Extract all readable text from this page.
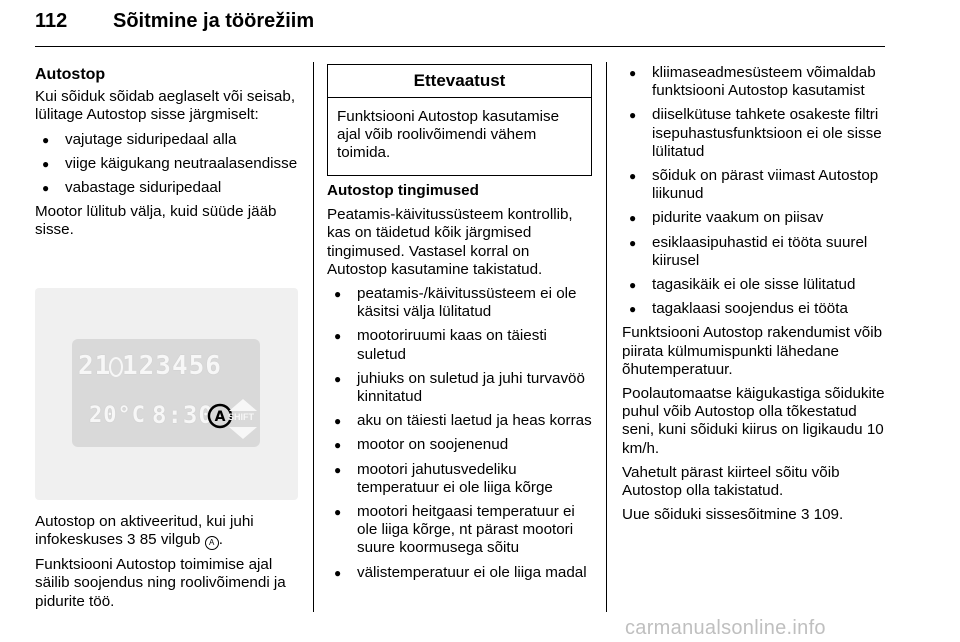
112 Sõitmine ja töörežiim
Autostop

Kui sõiduk sõidab aeglaselt või seisab, lülitage Autostop sisse järgmiselt:

● vajutage siduripedaal alla
● viige käigukang neutraalasendisse
● vabastage siduripedaal

Mootor lülitub välja, kuid süüde jääb sisse.

21 123456
20°C 8:30 A SHIFT

Autostop on aktiveeritud, kui juhi infokeskuses 3 85 vilgub A .

Funktsiooni Autostop toimimise ajal säilib soojendus ning roolivõimendi ja pidurite töö.

Ettevaatust
Funktsiooni Autostop kasutamise ajal võib roolivõimendi vähem toimida.

Autostop tingimused

Peatamis-käivitussüsteem kontrollib, kas on täidetud kõik järgmised tingimused. Vastasel korral on Autostop kasutamine takistatud.

● peatamis-/käivitussüsteem ei ole käsitsi välja lülitatud
● mootoriruumi kaas on täiesti suletud
● juhiuks on suletud ja juhi turvavöö kinnitatud
● aku on täiesti laetud ja heas korras
● mootor on soojenenud
● mootori jahutusvedeliku temperatuur ei ole liiga kõrge
● mootori heitgaasi temperatuur ei ole liiga kõrge, nt pärast mootori suure koormusega sõitu
● välistemperatuur ei ole liiga madal
● kliimaseadmesüsteem võimaldab funktsiooni Autostop kasutamist
● diiselkütuse tahkete osakeste filtri isepuhastusfunktsioon ei ole sisse lülitatud
● sõiduk on pärast viimast Autostop liikunud
● pidurite vaakum on piisav
● esiklaasipuhastid ei tööta suurel kiirusel
● tagasikäik ei ole sisse lülitatud
● tagaklaasi soojendus ei tööta

Funktsiooni Autostop rakendumist võib piirata külmumispunkti lähedane õhutemperatuur.

Poolautomaatse käigukastiga sõidukite puhul võib Autostop olla tõkestatud seni, kuni sõiduki kiirus on ligikaudu 10 km/h.

Vahetult pärast kiirteel sõitu võib Autostop olla takistatud.

Uue sõiduki sissesõitmine 3 109.

carmanualsonline.info
